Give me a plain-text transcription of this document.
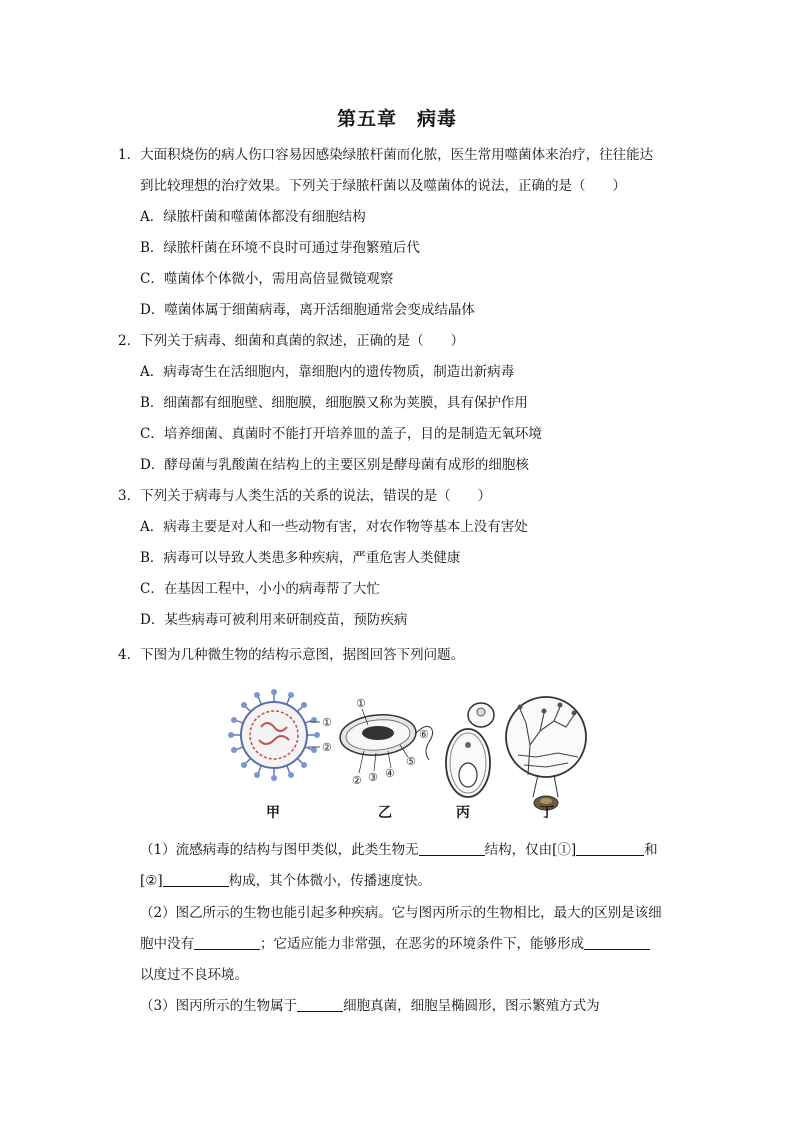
第五章　病毒
1．大面积烧伤的病人伤口容易因感染绿脓杆菌而化脓，医生常用噬菌体来治疗，往往能达
到比较理想的治疗效果。下列关于绿脓杆菌以及噬菌体的说法，正确的是（　　）
A．绿脓杆菌和噬菌体都没有细胞结构
B．绿脓杆菌在环境不良时可通过芽孢繁殖后代
C．噬菌体个体微小，需用高倍显微镜观察
D．噬菌体属于细菌病毒，离开活细胞通常会变成结晶体
2．下列关于病毒、细菌和真菌的叙述，正确的是（　　）
A．病毒寄生在活细胞内，靠细胞内的遗传物质，制造出新病毒
B．细菌都有细胞壁、细胞膜，细胞膜又称为荚膜，具有保护作用
C．培养细菌、真菌时不能打开培养皿的盖子，目的是制造无氧环境
D．酵母菌与乳酸菌在结构上的主要区别是酵母菌有成形的细胞核
3．下列关于病毒与人类生活的关系的说法，错误的是（　　）
A．病毒主要是对人和一些动物有害，对农作物等基本上没有害处
B．病毒可以导致人类患多种疾病，严重危害人类健康
C．在基因工程中，小小的病毒帮了大忙
D．某些病毒可被利用来研制疫苗，预防疾病
4．下图为几种微生物的结构示意图，据图回答下列问题。
①
②
①
② ③ ④
⑤
⑥
甲	乙	丙	丁
（1）流感病毒的结构与图甲类似，此类生物无	结构，仅由[①]	和
[②]	构成，其个体微小，传播速度快。
（2）图乙所示的生物也能引起多种疾病。它与图丙所示的生物相比，最大的区别是该细
胞中没有	；它适应能力非常强，在恶劣的环境条件下，能够形成
以度过不良环境。
（3）图丙所示的生物属于	细胞真菌，细胞呈椭圆形，图示繁殖方式为
